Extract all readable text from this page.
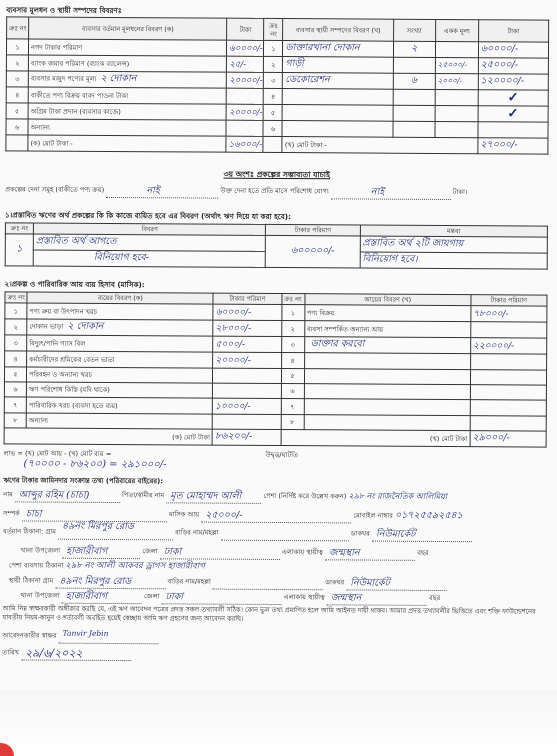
ব্যবসার মূলধন ও স্থায়ী সম্পদের বিবরণঃ
ক্রঃ নং	ব্যবসার বর্তমান মূলধনের বিবরণ (ক)	টাকা	ক্রঃ নং	ব্যবসার স্থায়ী সম্পদের বিবরণ (খ)	সংখ্যা	একক মূল্য	টাকা
১	নগদ টাকার পরিমাণ	৬০০০০/-	১	ডাক্তারখানা দোকান	২		৬০০০০/-
২	ব্যাংক জমার পরিমাণ (ব্যাংক ব্যালেন্স)	২৫/-	২	গাড়ী		২৫০০০/-	২৫০০০/-
৩	ব্যবসার মজুদ পণ্যের মূল্য ২ দোকান	২০০০০/-	৩	ডেকোরেশন	৬	২০০০/-	১২০০০০/-
৪	বাকীতে পণ্য বিক্রয় বাবদ পাওনা টাকা		৪				✓
৫	অগ্রিম টাকা প্রদান (ব্যবসার কাজে)	২০০০০/-	৫				✓
৬	অন্যান্য		৬				
	(ক) মোট টাকা -	১৬০০০/-		(খ) মোট টাকা -			২৭০০০/-
৩য় অংশঃ প্রকল্পের সম্ভাব্যতা যাচাই
প্রকল্পের দেনা সমূহ (বাকীতে পণ্য ক্রয়)	নাই	উক্ত দেনা হতে প্রতি মাসে পরিশোধ যোগ্য	নাই	টাকা।
১।প্রস্তাবিত ঋণের অর্থ প্রকল্পের কি কি কাজে ব্যয়িত হবে এর বিবরণ (অর্থাৎ ঋণ দিয়ে যা করা হবে):
ক্রঃ নং	বিবরণ	টাকার পরিমাণ	মন্তব্য
১	প্রস্তাবিত অর্থ আগতে	৬০০০০০/-	প্রস্তাবিত অর্থ ২টি জায়গায়
	বিনিয়োগ হবে-		বিনিয়োগ হবে।
২।প্রকল্প ও পারিবারিক আয় ব্যয় হিসাব (মাসিক):
ক্রঃ নং	ব্যয়ের বিবরণ (ক)	টাকার পরিমাণ	ক্রঃ নং	আয়ের বিবরণ (খ)	টাকার পরিমাণ
১	পণ্য ক্রয় বা উৎপাদন খরচ	৬০০০০/-	১	পণ্য বিক্রয়	৭৮০০০/-
২	দোকান ভাড়া ২ দোকান	২৮০০০/-	২	ব্যবসা সম্পর্কিত অন্যান্য আয়	
৩	বিদ্যুৎ/পানি গ্যাস বিল	৫০০০/-	৩	ডাক্তার করবো	২২০০০০/-
৪	কর্মচারীদের শ্রমিকের বেতন ভাতা	২০০০০/-	৪		
৫	পরিবহন ও অন্যান্য খরচ		৫		
৬	ঋণ পরিশোধ কিস্তি (যদি থাকে)		৬		
৭	পারিবারিক খরচ (ব্যবসা হতে ব্যয়)	১০০০০/-	৭		
৮	অন্যান্য		৮		
(ক) মোট টাকা		৮৬২০০/-	(খ) মোট টাকা		২৯০০০/-
লাভ = (খ) মোট আয় - (খ) মোট ব্যয় =
(৭০০০০ - ৮৬২০০) = ২৯১০০০/-
উদ্বৃত্ত/ঘাটতি
ঋণের টাকার জামিনদার সংক্রান্ত তথ্য (পরিবারের বাইরের):
নাম আব্দুর রহিম (চাচা)	পিতা/স্বামীর নাম মৃত মোহাম্মদ আলী	পেশা (নির্দিষ্ট করে উল্লেখ করুন) ২৯৮ নং রাজনৈতিক আলিমিয়া
সম্পর্ক চাচা	মাসিক আয় ২৫০০০/-	মোবাইল নাম্বার ০১৭২৫৫৯২৫৪১
বর্তমান ঠিকানা: গ্রাম ৪৯নং মিরপুর রোড
বাড়ির নাম/মহল্লা	ডাকঘর নিউমার্কেট
থানা উপজেলা হাজারীবাগ	জেলা ঢাকা	এলাকায় স্থায়ীত্ব জন্মস্থান	বছর
পেশা ব্যবসায় ঠিকানা ২৯৮ নং আলী আকবর ড্রাগস হাজারীবাগ
স্থায়ী ঠিকানা গ্রাম ৪৯নং মিরপুর রোড	বাড়ির নাম/মহল্লা	ডাকঘর নিউমার্কেট
থানা উপজেলা হাজারীবাগ	জেলা ঢাকা	এলাকায় স্থায়ীত্ব জন্মস্থান	বছর
আমি নিম্ন স্বাক্ষরকারী অঙ্গীকার করছি যে, এই ঋণ আবেদন পত্রের প্রদত্ত সকল তথ্যাবলী সঠিক। কোন ভুল তথ্য প্রমাণিত হলে আমি আইনত দায়ী থাকব। আমার প্রদত্ত তথ্যাবলীর ভিত্তিতে এবং শক্তি ফাউন্ডেশনের যাবতীয় নিয়ম-কানুন ও শর্তাবলী অবহিত হয়েই স্বেচ্ছায় আমি ঋণ গ্রহণের জন্য আবেদন করছি।
আবেদনকারীর স্বাক্ষর Tanvir Jebin
তারিখ ২৯/৬/২০২২
